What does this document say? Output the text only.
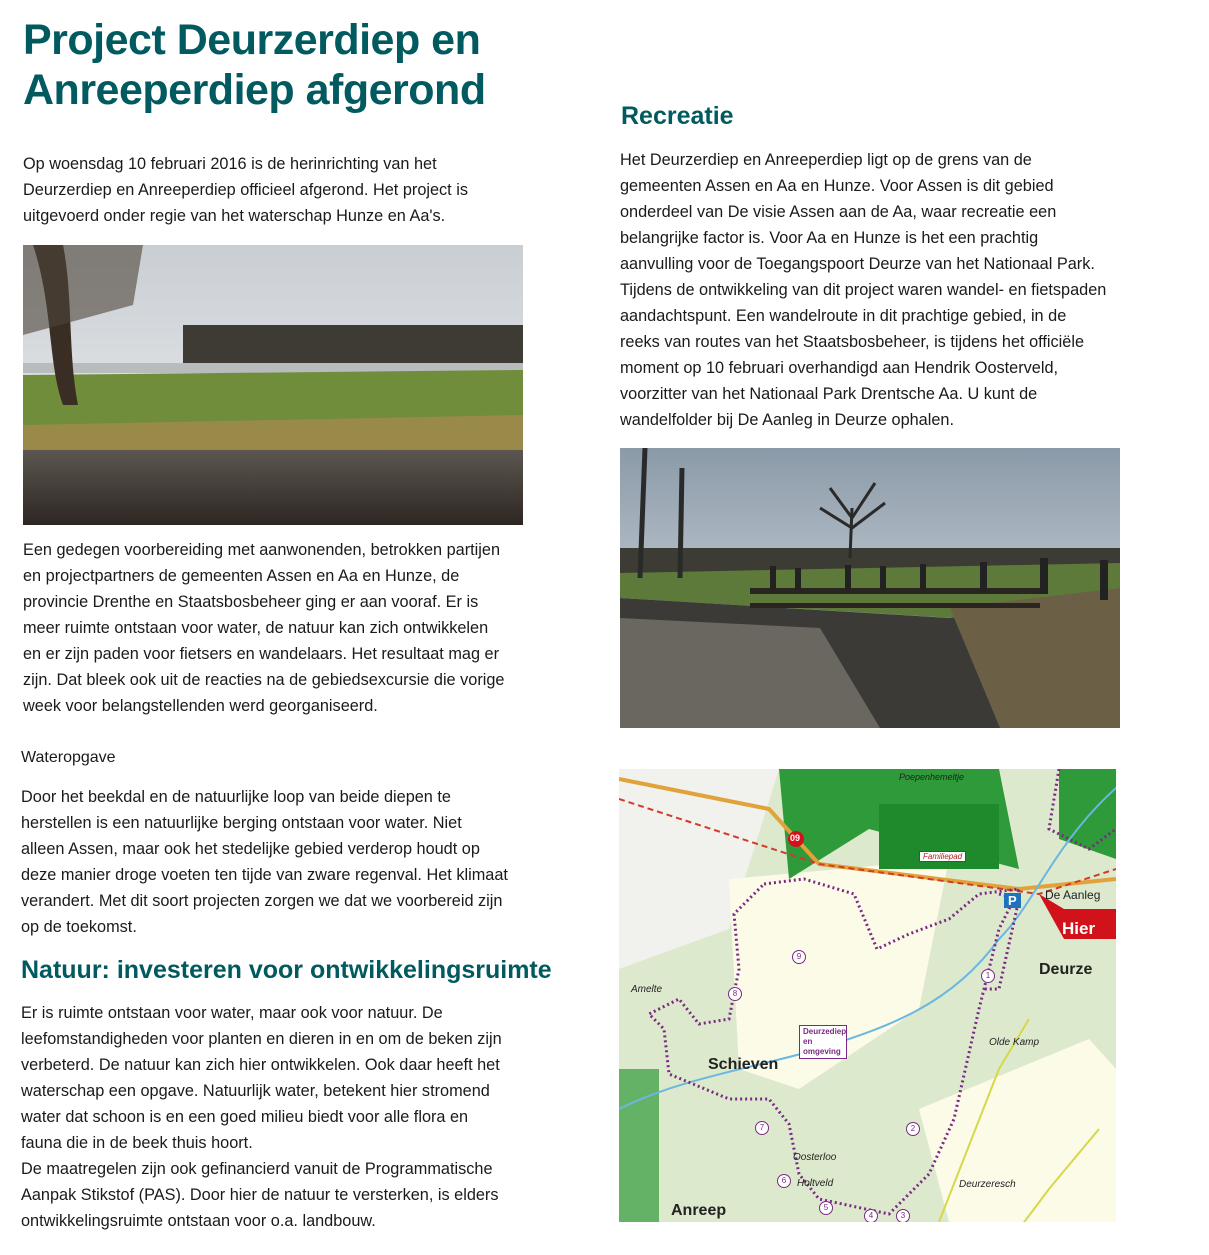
Project Deurzerdiep en
Anreeperdiep afgerond
Op woensdag 10 februari 2016 is de herinrichting van het
Deurzerdiep en Anreeperdiep officieel afgerond. Het project is
uitgevoerd onder regie van het waterschap Hunze en Aa's.
Een gedegen voorbereiding met aanwonenden, betrokken partijen
en projectpartners de gemeenten Assen en Aa en Hunze, de
provincie Drenthe en Staatsbosbeheer ging er aan vooraf. Er is
meer ruimte ontstaan voor water, de natuur kan zich ontwikkelen
en er zijn paden voor fietsers en wandelaars. Het resultaat mag er
zijn. Dat bleek ook uit de reacties na de gebiedsexcursie die vorige
week voor belangstellenden werd georganiseerd.
Wateropgave
Door het beekdal en de natuurlijke loop van beide diepen te
herstellen is een natuurlijke berging ontstaan voor water. Niet
alleen Assen, maar ook het stedelijke gebied verderop houdt op
deze manier droge voeten ten tijde van zware regenval. Het klimaat
verandert. Met dit soort projecten zorgen we dat we voorbereid zijn
op de toekomst.
Natuur: investeren voor ontwikkelingsruimte
Er is ruimte ontstaan voor water, maar ook voor natuur. De
leefomstandigheden voor planten en dieren in en om de beken zijn
verbeterd. De natuur kan zich hier ontwikkelen. Ook daar heeft het
waterschap een opgave. Natuurlijk water, betekent hier stromend
water dat schoon is en een goed milieu biedt voor alle flora en
fauna die in de beek thuis hoort.
De maatregelen zijn ook gefinancierd vanuit de Programmatische
Aanpak Stikstof (PAS). Door hier de natuur te versterken, is elders
ontwikkelingsruimte ontstaan voor o.a. landbouw.
Recreatie
Het Deurzerdiep en Anreeperdiep ligt op de grens van de
gemeenten Assen en Aa en Hunze. Voor Assen is dit gebied
onderdeel van De visie Assen aan de Aa, waar recreatie een
belangrijke factor is. Voor Aa en Hunze is het een prachtig
aanvulling voor de Toegangspoort Deurze van het Nationaal Park.
Tijdens de ontwikkeling van dit project waren wandel- en fietspaden
aandachtspunt. Een wandelroute in dit prachtige gebied, in de
reeks van routes van het Staatsbosbeheer, is tijdens het officiële
moment op 10 februari overhandigd aan Hendrik Oosterveld,
voorzitter van het Nationaal Park Drentsche Aa. U kunt de
wandelfolder bij De Aanleg in Deurze ophalen.
09
Poepenhemeltje
Familiepad
P	De Aanleg
Hier
Deurze
Amelte
Deurzediep en omgeving
Olde Kamp
Schieven
Oosterloo
Holtveld	Deurzeresch
Anreep
1
2
3
4
5
6
7
8
9
